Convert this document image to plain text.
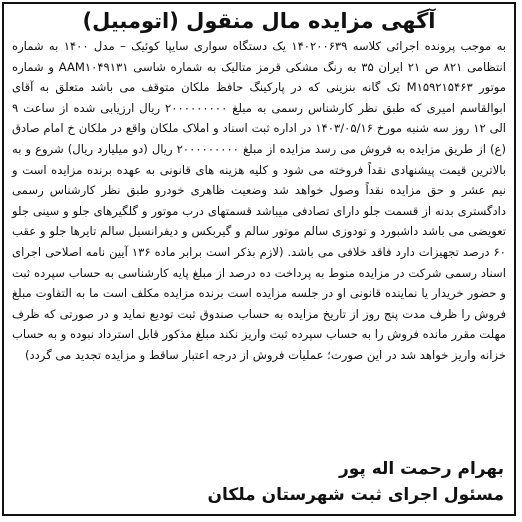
آگهی مزایده مال منقول (اتومبیل)

به موجب پرونده اجرائی کلاسه ۱۴۰۲۰۰۶۳۹ یک دستگاه سواری سایپا کوئیک – مدل ۱۴۰۰ به شماره انتظامی ۸۲۱ ص ۲۱ ایران ۳۵ به رنگ مشکی قرمز متالیک به شماره شاسی AAM۱۰۴۹۱۳۱ و شماره موتور M۱۵۹۲۱۵۴۶۳ تک گانه بنزینی که در پارکینگ حافظ ملکان متوقف می باشد متعلق به آقای ابوالقاسم امیری که طبق نظر کارشناس رسمی به مبلغ ۲۰۰۰۰۰۰۰۰۰ ریال ارزیابی شده از ساعت ۹ الی ۱۲ روز سه شنبه مورخ ۱۴۰۳/۰۵/۱۶ در اداره ثبت اسناد و املاک ملکان واقع در ملکان خ امام صادق (ع) از طریق مزایده به فروش می رسد مزایده از مبلغ ۲۰۰۰۰۰۰۰۰۰ ریال (دو میلیارد ریال) شروع و به بالاترین قیمت پیشنهادی نقداً فروخته می شود و کلیه هزینه های قانونی به عهده برنده مزایده است و نیم عشر و حق مزایده نقداً وصول خواهد شد وضعیت ظاهری خودرو طبق نظر کارشناس رسمی دادگستری بدنه از قسمت جلو دارای تصادفی میباشد قسمتهای درب موتور و گلگیرهای جلو و سینی جلو تعویضی می باشد داشبورد و تودوزی سالم موتور سالم و گیربکس و دیفرانسیل سالم تایرها جلو و عقب ۶۰ درصد تجهیزات دارد فاقد خلافی می باشد. (لازم بذکر است برابر ماده ۱۳۶ آیین نامه اصلاحی اجرای اسناد رسمی شرکت در مزایده منوط به پرداخت ده درصد از مبلغ پایه کارشناسی به حساب سپرده ثبت و حضور خریدار یا نماینده قانونی او در جلسه مزایده است برنده مزایده مکلف است ما به التفاوت مبلغ فروش را ظرف مدت پنج روز از تاریخ مزایده به حساب صندوق ثبت تودیع نماید و در صورتی که ظرف مهلت مقرر مانده فروش را به حساب سپرده ثبت واریز نکند مبلغ مذکور قابل استرداد نبوده و به حساب خزانه واریز خواهد شد در این صورت؛ عملیات فروش از درجه اعتبار ساقط و مزایده تجدید می گردد)

بهرام رحمت اله پور
مسئول اجرای ثبت شهرستان ملکان
